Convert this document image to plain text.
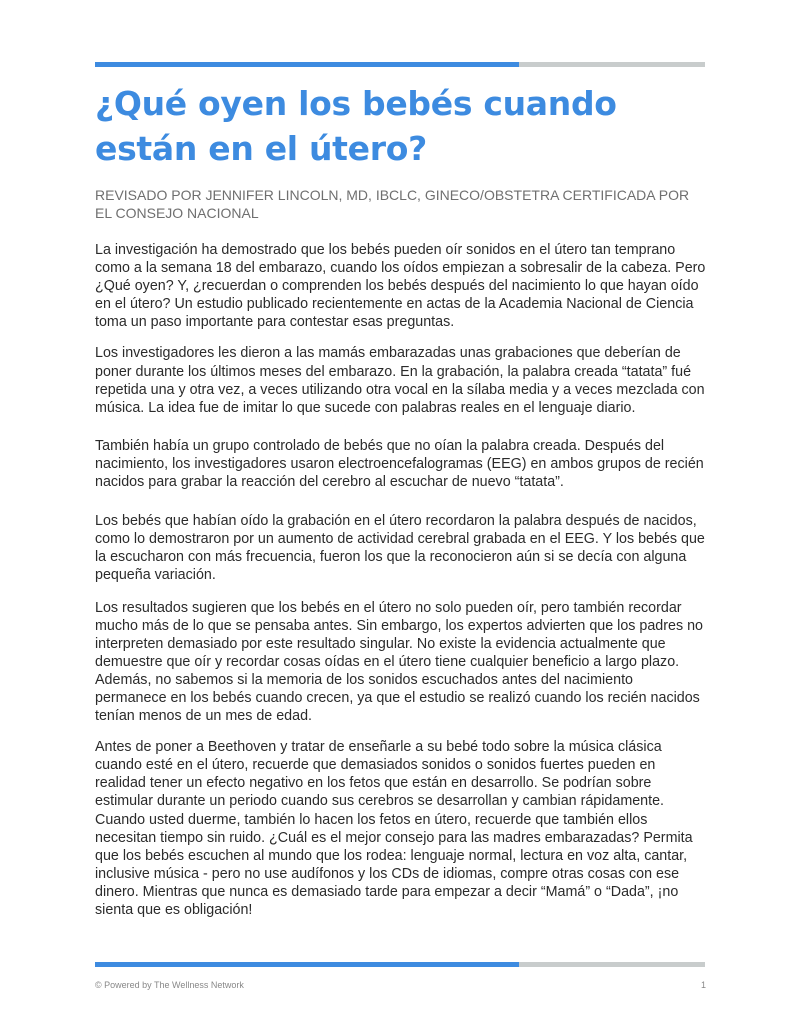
¿Qué oyen los bebés cuando están en el útero?

REVISADO POR JENNIFER LINCOLN, MD, IBCLC, GINECO/OBSTETRA CERTIFICADA POR EL CONSEJO NACIONAL

La investigación ha demostrado que los bebés pueden oír sonidos en el útero tan temprano como a la semana 18 del embarazo, cuando los oídos empiezan a sobresalir de la cabeza. Pero ¿Qué oyen? Y, ¿recuerdan o comprenden los bebés después del nacimiento lo que hayan oído en el útero? Un estudio publicado recientemente en actas de la Academia Nacional de Ciencia toma un paso importante para contestar esas preguntas.

Los investigadores les dieron a las mamás embarazadas unas grabaciones que deberían de poner durante los últimos meses del embarazo. En la grabación, la palabra creada “tatata” fué repetida una y otra vez, a veces utilizando otra vocal en la sílaba media y a veces mezclada con música. La idea fue de imitar lo que sucede con palabras reales en el lenguaje diario.

También había un grupo controlado de bebés que no oían la palabra creada. Después del nacimiento, los investigadores usaron electroencefalogramas (EEG) en ambos grupos de recién nacidos para grabar la reacción del cerebro al escuchar de nuevo “tatata”.

Los bebés que habían oído la grabación en el útero recordaron la palabra después de nacidos, como lo demostraron por un aumento de actividad cerebral grabada en el EEG. Y los bebés que la escucharon con más frecuencia, fueron los que la reconocieron aún si se decía con alguna pequeña variación.

Los resultados sugieren que los bebés en el útero no solo pueden oír, pero también recordar mucho más de lo que se pensaba antes. Sin embargo, los expertos advierten que los padres no interpreten demasiado por este resultado singular. No existe la evidencia actualmente que demuestre que oír y recordar cosas oídas en el útero tiene cualquier beneficio a largo plazo. Además, no sabemos si la memoria de los sonidos escuchados antes del nacimiento permanece en los bebés cuando crecen, ya que el estudio se realizó cuando los recién nacidos tenían menos de un mes de edad.

Antes de poner a Beethoven y tratar de enseñarle a su bebé todo sobre la música clásica cuando esté en el útero, recuerde que demasiados sonidos o sonidos fuertes pueden en realidad tener un efecto negativo en los fetos que están en desarrollo. Se podrían sobre estimular durante un periodo cuando sus cerebros se desarrollan y cambian rápidamente. Cuando usted duerme, también lo hacen los fetos en útero, recuerde que también ellos necesitan tiempo sin ruido. ¿Cuál es el mejor consejo para las madres embarazadas? Permita que los bebés escuchen al mundo que los rodea: lenguaje normal, lectura en voz alta, cantar, inclusive música - pero no use audífonos y los CDs de idiomas, compre otras cosas con ese dinero. Mientras que nunca es demasiado tarde para empezar a decir “Mamá” o “Dada”, ¡no sienta que es obligación!

© Powered by The Wellness Network	1
